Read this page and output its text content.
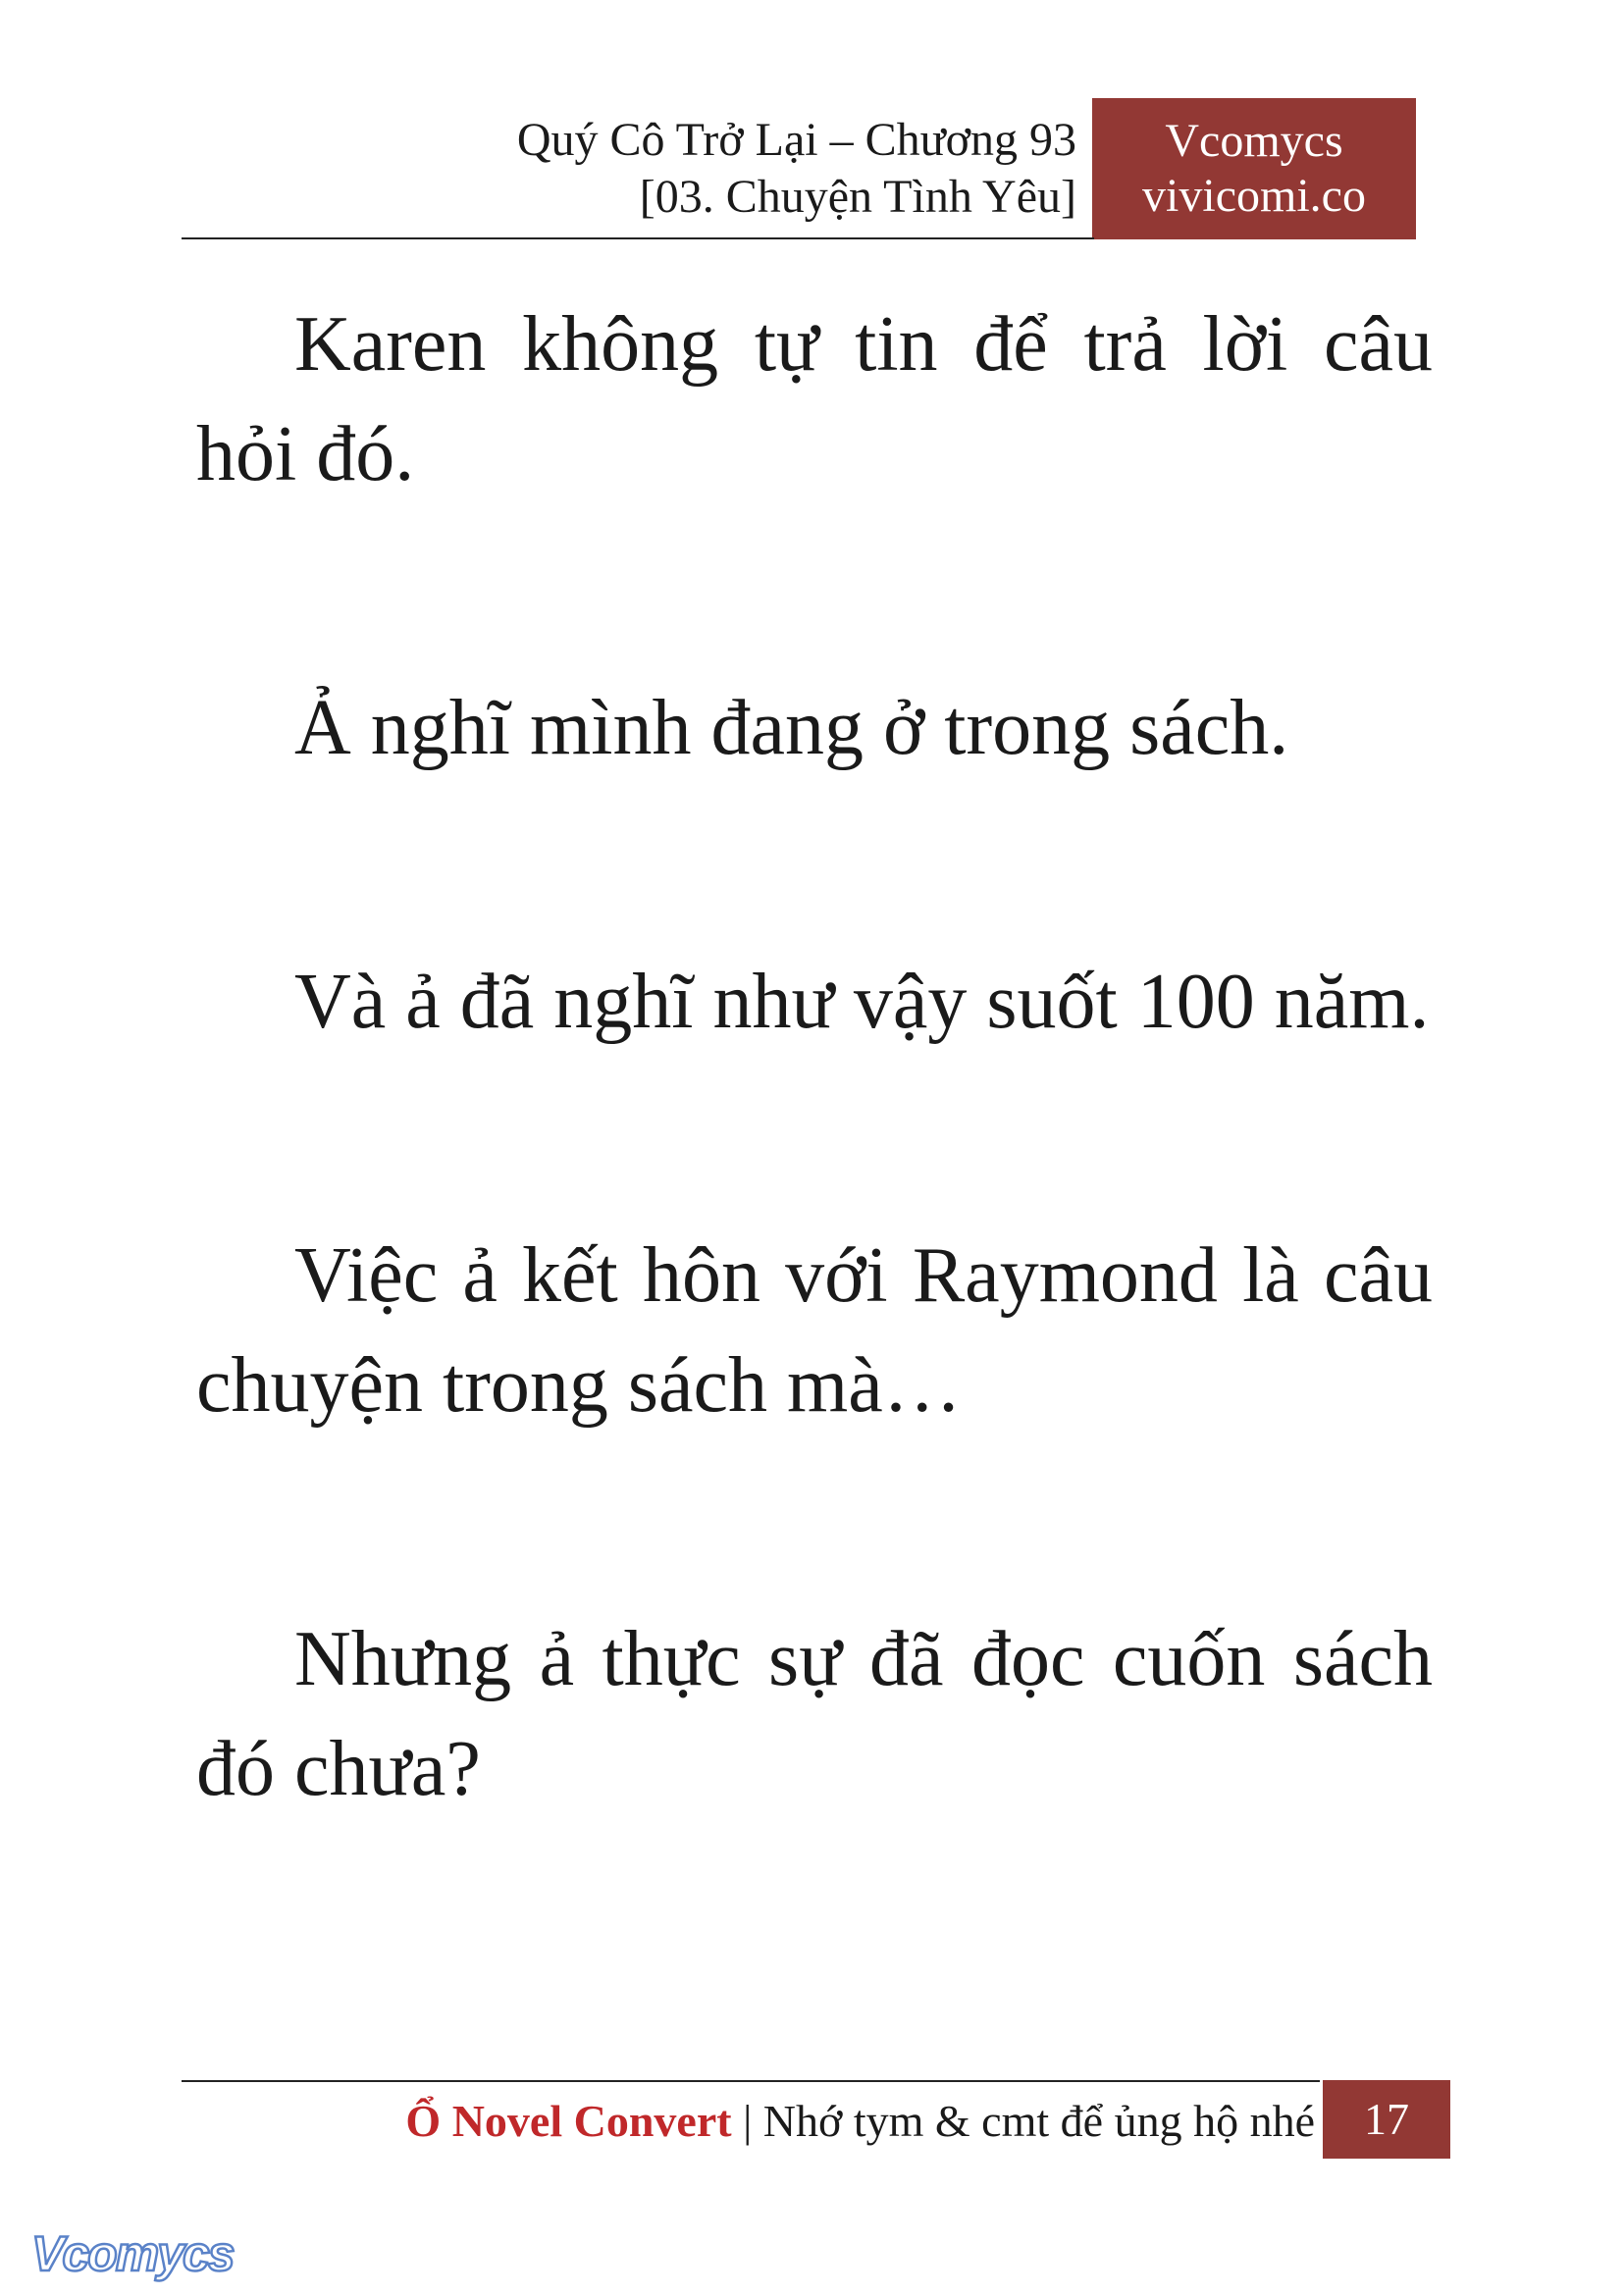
Quý Cô Trở Lại – Chương 93
[03. Chuyện Tình Yêu]
Vcomycs
vivicomi.co

Karen không tự tin để trả lời câu hỏi đó.

Ả nghĩ mình đang ở trong sách.

Và ả đã nghĩ như vậy suốt 100 năm.

Việc ả kết hôn với Raymond là câu chuyện trong sách mà…

Nhưng ả thực sự đã đọc cuốn sách đó chưa?

Ổ Novel Convert | Nhớ tym & cmt để ủng hộ nhé	17
Vcomycs
